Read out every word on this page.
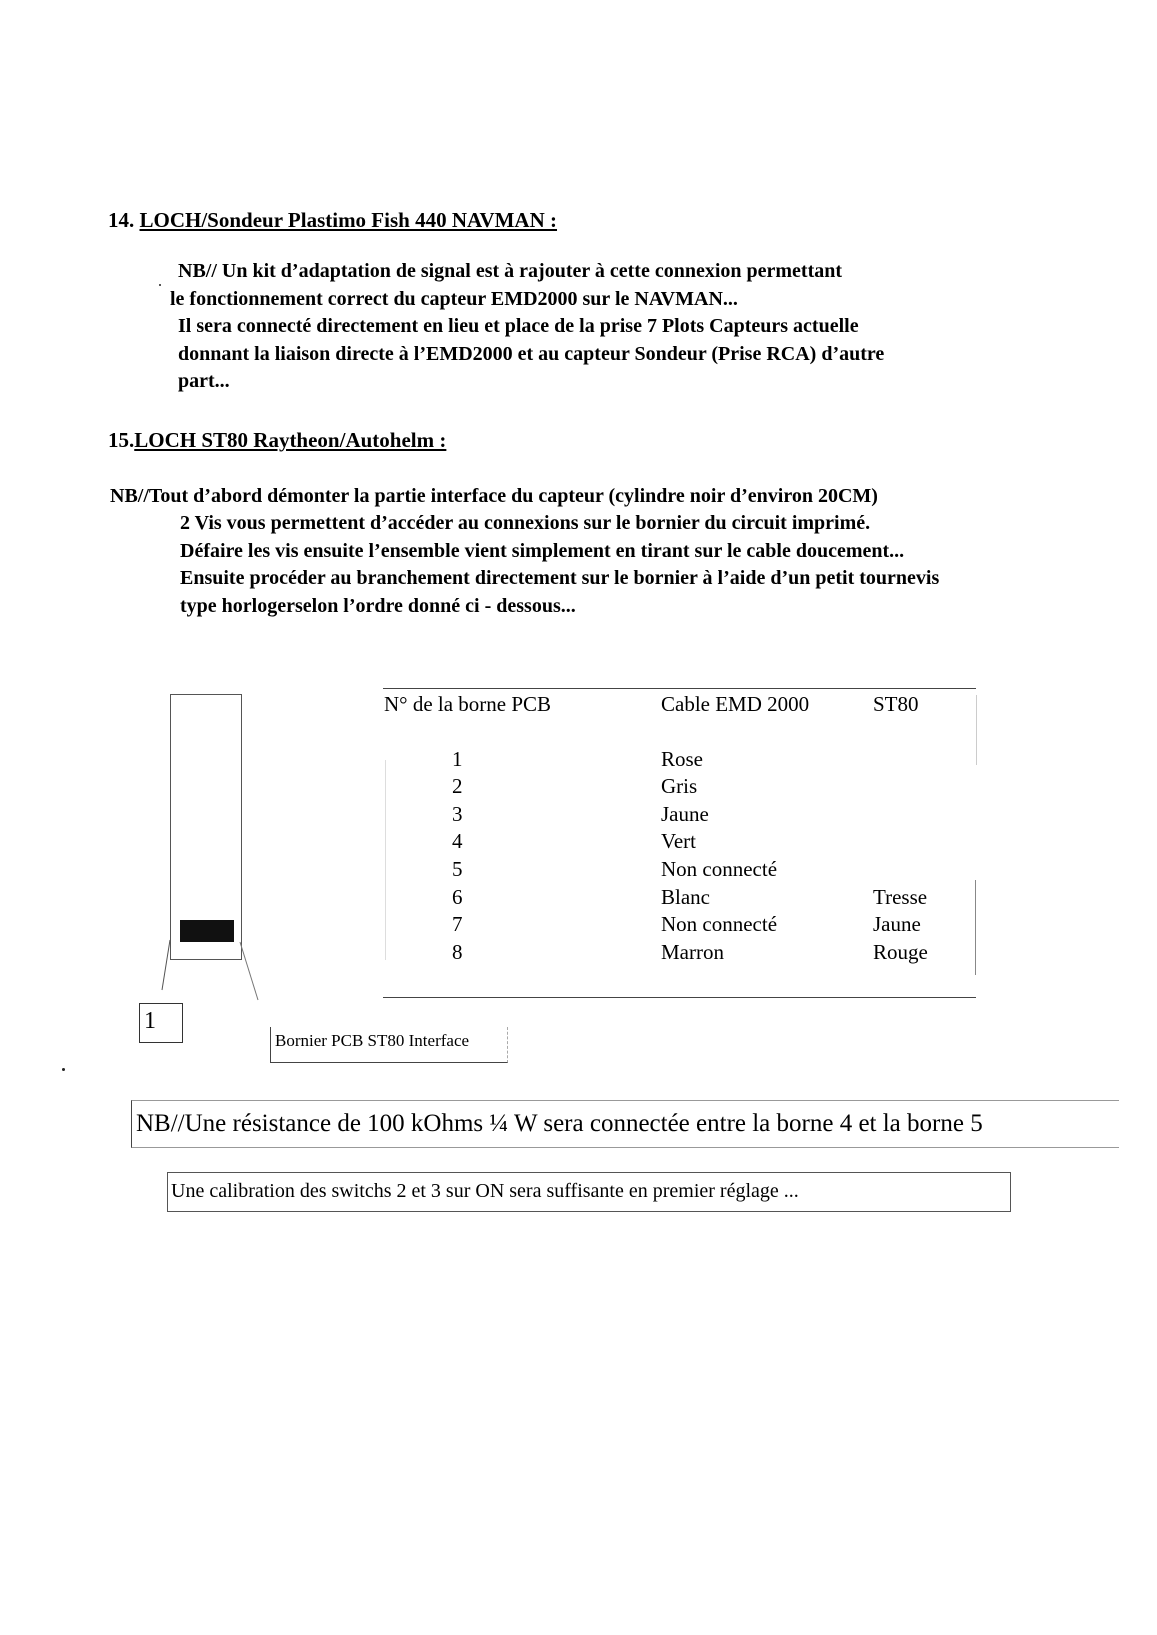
14. LOCH/Sondeur Plastimo Fish 440 NAVMAN :
NB// Un kit d’adaptation de signal est à rajouter à cette connexion permettant
le fonctionnement correct du capteur EMD2000 sur le NAVMAN...
Il sera connecté directement en lieu et place de la prise 7 Plots Capteurs actuelle
donnant la liaison directe à l’EMD2000 et au capteur Sondeur (Prise RCA) d’autre
part...
15.LOCH ST80 Raytheon/Autohelm :
NB//Tout d’abord démonter la partie interface du capteur (cylindre noir d’environ 20CM)
2 Vis vous permettent d’accéder au connexions sur le bornier du circuit imprimé.
Défaire les vis ensuite l’ensemble vient simplement en tirant sur le cable doucement...
Ensuite procéder au branchement directement sur le bornier à l’aide d’un petit tournevis
type horlogerselon l’ordre donné ci - dessous...
1
Bornier PCB ST80 Interface
N° de la borne PCB	Cable EMD 2000	ST80
1	Rose
2	Gris
3	Jaune
4	Vert
5	Non connecté
6	Blanc	Tresse
7	Non connecté	Jaune
8	Marron	Rouge
NB//Une résistance de 100 kOhms ¼ W sera connectée entre la borne 4 et la borne 5
Une calibration des switchs 2 et 3 sur ON sera suffisante en premier réglage ...
